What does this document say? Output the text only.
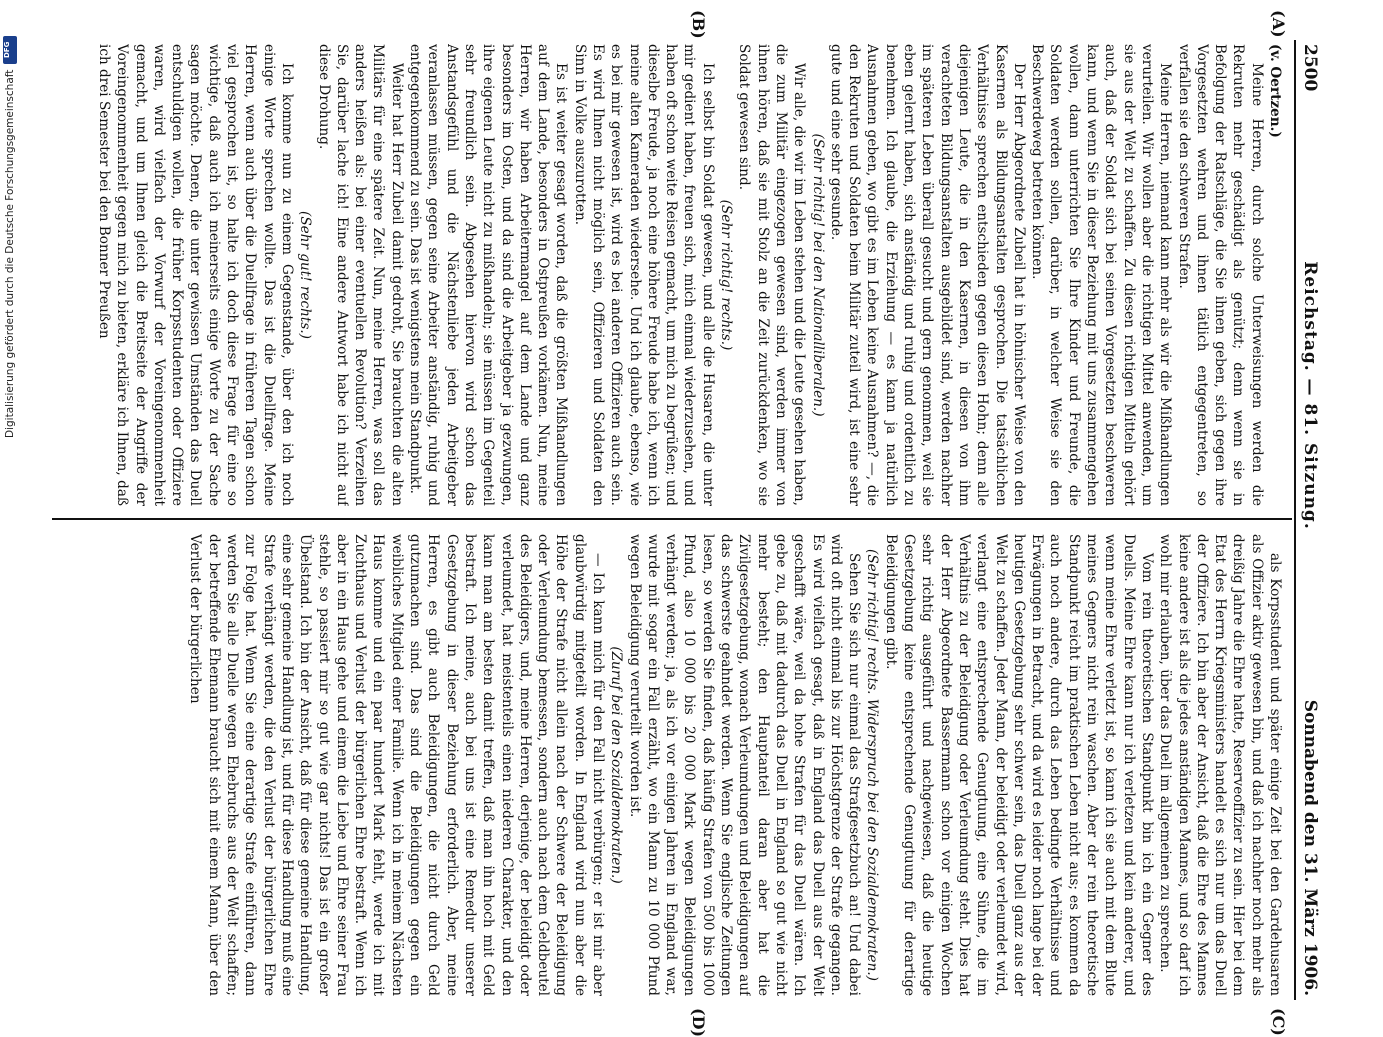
2500
Reichstag. — 81. Sitzung.
Sonnabend den 31. März 1906.
(A)
(B)
(C)
(D)

(v. Oertzen.)

Meine Herren, durch solche Unterweisungen werden die Rekruten mehr geschädigt als genützt; denn wenn sie in Befolgung der Ratschläge, die Sie ihnen geben, sich gegen ihre Vorgesetzten wehren und ihnen tätlich entgegentreten, so verfallen sie den schweren Strafen.

Meine Herren, niemand kann mehr als wir die Mißhandlungen verurteilen. Wir wollen aber die richtigen Mittel anwenden, um sie aus der Welt zu schaffen. Zu diesen richtigen Mitteln gehört auch, daß der Soldat sich bei seinen Vorgesetzten beschweren kann, und wenn Sie in dieser Beziehung mit uns zusammengehen wollen, dann unterrichten Sie Ihre Kinder und Freunde, die Soldaten werden sollen, darüber, in welcher Weise sie den Beschwerdeweg betreten können.

Der Herr Abgeordnete Zubeil hat in höhnischer Weise von den Kasernen als Bildungsanstalten gesprochen. Die tatsächlichen Verhältnisse sprechen entschieden gegen diesen Hohn; denn alle diejenigen Leute, die in den Kasernen, in diesen von ihm verachteten Bildungsanstalten ausgebildet sind, werden nachher im späteren Leben überall gesucht und gern genommen, weil sie eben gelernt haben, sich anständig und ruhig und ordentlich zu benehmen. Ich glaube, die Erziehung — es kann ja natürlich Ausnahmen geben, wo gibt es im Leben keine Ausnahmen? —, die den Rekruten und Soldaten beim Militär zuteil wird, ist eine sehr gute und eine sehr gesunde.

(Sehr richtig! bei den Nationalliberalen.)

Wir alle, die wir im Leben stehen und die Leute gesehen haben, die zum Militär eingezogen gewesen sind, werden immer von ihnen hören, daß sie mit Stolz an die Zeit zurückdenken, wo sie Soldat gewesen sind.

(Sehr richtig! rechts.)

Ich selbst bin Soldat gewesen, und alle die Husaren, die unter mir gedient haben, freuen sich, mich einmal wiederzusehen, und haben oft schon weite Reisen gemacht, um mich zu begrüßen; und dieselbe Freude, ja noch eine höhere Freude habe ich, wenn ich meine alten Kameraden wiedersehe. Und ich glaube, ebenso, wie es bei mir gewesen ist, wird es bei anderen Offizieren auch sein. Es wird Ihnen nicht möglich sein, Offizieren und Soldaten den Sinn in Volke auszurotten.

Es ist weiter gesagt worden, daß die größten Mißhandlungen auf dem Lande, besonders in Ostpreußen vorkämen. Nun, meine Herren, wir haben Arbeitermangel auf dem Lande und ganz besonders im Osten, und da sind die Arbeitgeber ja gezwungen, ihre eigenen Leute nicht zu mißhandeln; sie müssen im Gegenteil sehr freundlich sein. Abgesehen hiervon wird schon das Anstandsgefühl und die Nächstenliebe jeden Arbeitgeber veranlassen müssen, gegen seine Arbeiter anständig, ruhig und entgegenkommend zu sein. Das ist wenigstens mein Standpunkt.

Weiter hat Herr Zubeil damit gedroht, Sie brauchten die alten Militärs für eine spätere Zeit. Nun, meine Herren, was soll das anders heißen als: bei einer eventuellen Revolution? Verzeihen Sie, darüber lache ich! Eine andere Antwort habe ich nicht auf diese Drohung.

(Sehr gut! rechts.)

Ich komme nun zu einem Gegenstande, über den ich noch einige Worte sprechen wollte. Das ist die Duellfrage. Meine Herren, wenn auch über die Duellfrage in früheren Tagen schon viel gesprochen ist, so halte ich doch diese Frage für eine so wichtige, daß auch ich meinerseits einige Worte zu der Sache sagen möchte. Denen, die unter gewissen Umständen das Duell entschuldigen wollen, die früher Korpsstudenten oder Offiziere waren, wird vielfach der Vorwurf der Voreingenommenheit gemacht, und um Ihnen gleich die Breitseite der Angriffe der Voreingenommenheit gegen mich zu bieten, erkläre ich Ihnen, daß ich drei Semester bei den Bonner Preußen

als Korpsstudent und später einige Zeit bei den Gardehusaren als Offizier aktiv gewesen bin, und daß ich nachher noch mehr als dreißig Jahre die Ehre hatte, Reserveoffizier zu sein. Hier bei dem Etat des Herrn Kriegsministers handelt es sich nur um das Duell der Offiziere. Ich bin aber der Ansicht, daß die Ehre des Mannes keine andere ist als die jedes anständigen Mannes, und so darf ich wohl mir erlauben, über das Duell im allgemeinen zu sprechen.

Vom rein theoretischen Standpunkt bin ich ein Gegner des Duells. Meine Ehre kann nur ich verletzen und kein anderer, und wenn meine Ehre verletzt ist, so kann ich sie auch mit dem Blute meines Gegners nicht rein waschen. Aber der rein theoretische Standpunkt reicht im praktischen Leben nicht aus; es kommen da auch noch andere, durch das Leben bedingte Verhältnisse und Erwägungen in Betracht, und da wird es leider noch lange bei der heutigen Gesetzgebung sehr schwer sein, das Duell ganz aus der Welt zu schaffen. Jeder Mann, der beleidigt oder verleumdet wird, verlangt eine entsprechende Genugtuung, eine Sühne, die im Verhältnis zu der Beleidigung oder Verleumdung steht. Dies hat der Herr Abgeordnete Bassermann schon vor einigen Wochen sehr richtig ausgeführt und nachgewiesen, daß die heutige Gesetzgebung keine entsprechende Genugtuung für derartige Beleidigungen gibt.

(Sehr richtig! rechts. Widerspruch bei den Sozialdemokraten.)

Sehen Sie sich nur einmal das Strafgesetzbuch an! Und dabei wird oft nicht einmal bis zur Höchstgrenze der Strafe gegangen. Es wird vielfach gesagt, daß in England das Duell aus der Welt geschafft wäre, weil da hohe Strafen für das Duell wären. Ich gebe zu, daß mit dadurch das Duell in England so gut wie nicht mehr besteht; den Hauptanteil daran aber hat die Zivilgesetzgebung, wonach Verleumdungen und Beleidigungen auf das schwerste geahndet werden. Wenn Sie englische Zeitungen lesen, so werden Sie finden, daß häufig Strafen von 500 bis 1000 Pfund, also 10 000 bis 20 000 Mark wegen Beleidigungen verhängt werden; ja, als ich vor einigen Jahren in England war, wurde mit sogar ein Fall erzählt, wo ein Mann zu 10 000 Pfund wegen Beleidigung verurteilt worden ist.

(Zuruf bei den Sozialdemokraten.)

— Ich kann mich für den Fall nicht verbürgen; er ist mir aber glaubwürdig mitgeteilt worden. In England wird nun aber die Höhe der Strafe nicht allein nach der Schwere der Beleidigung oder Verleumdung bemessen, sondern auch nach dem Geldbeutel des Beleidigers, und, meine Herren, derjenige, der beleidigt oder verleumdet, hat meistenteils einen niederen Charakter, und den kann man am besten damit treffen, daß man ihn hoch mit Geld bestraft. Ich meine, auch bei uns ist eine Remedur unserer Gesetzgebung in dieser Beziehung erforderlich. Aber, meine Herren, es gibt auch Beleidigungen, die nicht durch Geld gutzumachen sind. Das sind die Beleidigungen gegen ein weibliches Mitglied einer Familie. Wenn ich in meinem Nächsten Haus komme und ein paar hundert Mark fehlt, werde ich mit Zuchthaus und Verlust der bürgerlichen Ehre bestraft. Wenn ich aber in ein Haus gehe und einem die Liebe und Ehre seiner Frau stehle, so passiert mir so gut wie gar nichts! Das ist ein großer Übelstand. Ich bin der Ansicht, daß für diese gemeine Handlung, eine sehr gemeine Handlung ist, und für diese Handlung muß eine Strafe verhängt werden, die den Verlust der bürgerlichen Ehre zur Folge hat. Wenn Sie eine derartige Strafe einführen, dann werden Sie alle Duelle wegen Ehebruchs aus der Welt schaffen; der betreffende Ehemann braucht sich mit einem Mann, über den Verlust der bürgerlichen

Digitalisierung gefördert durch die Deutsche Forschungsgemeinschaft
DFG
